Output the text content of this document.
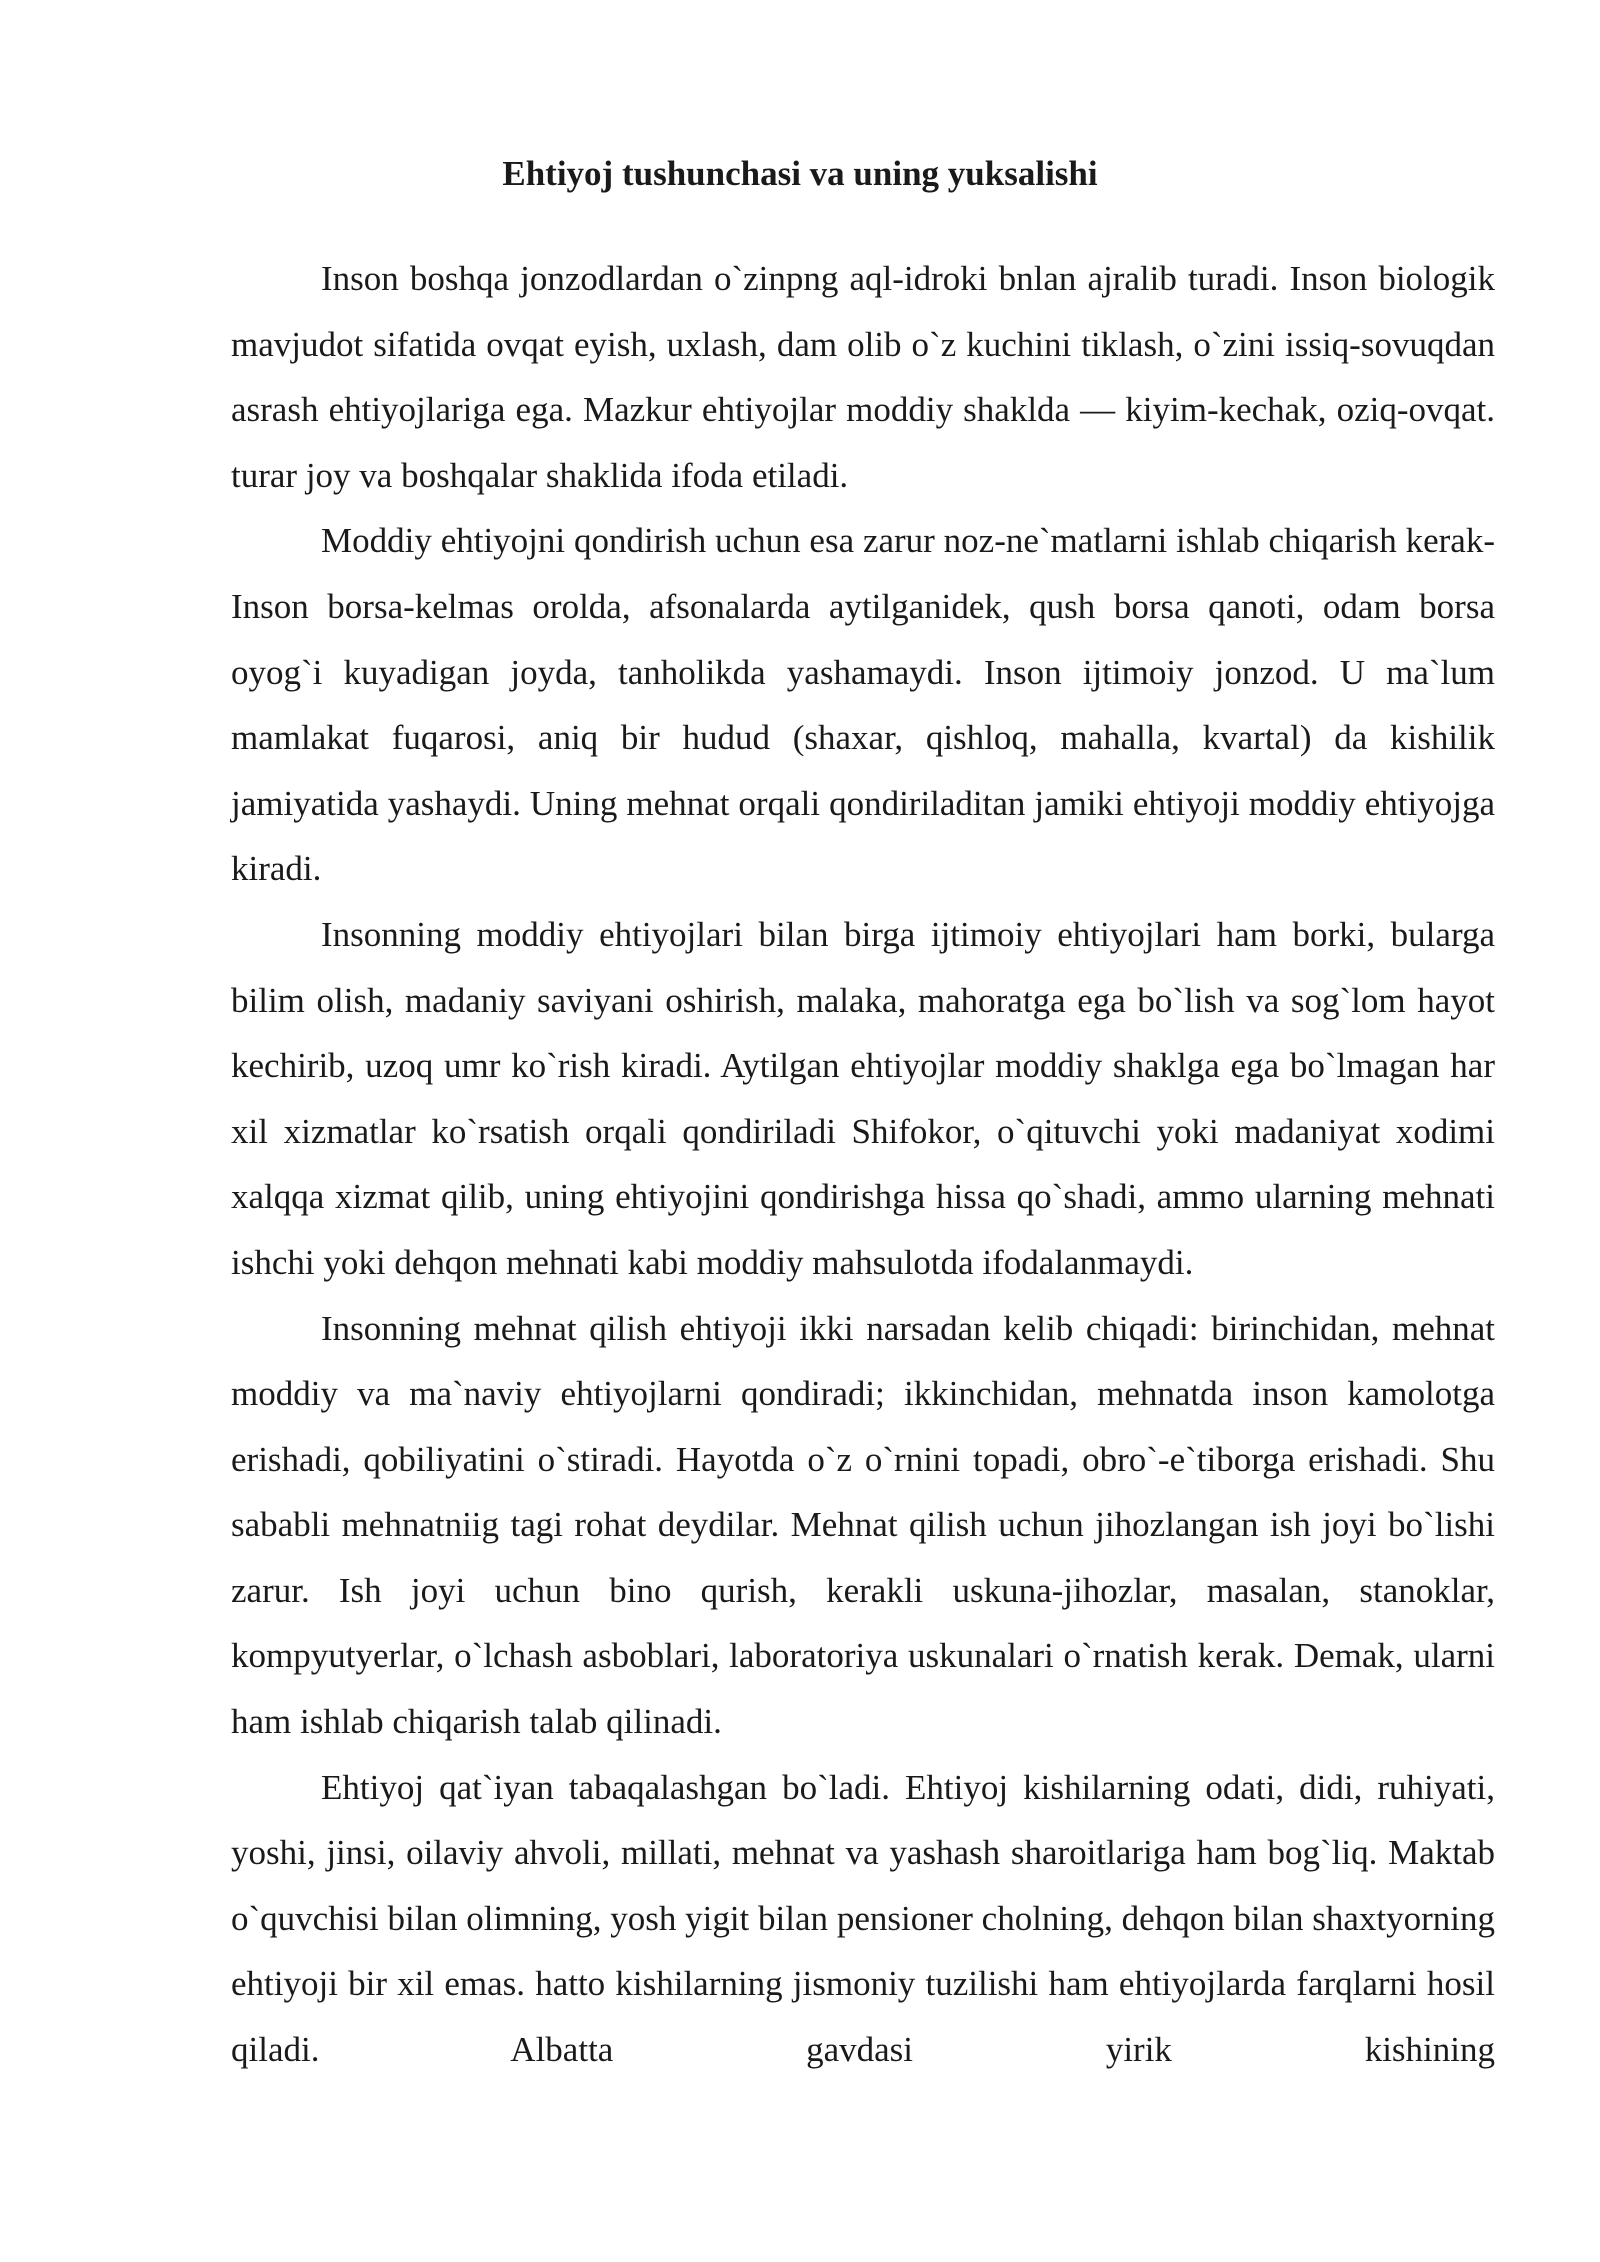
Ehtiyoj tushunchasi va uning yuksalishi

Inson boshqa jonzodlardan o`zinpng aql-idroki bnlan ajralib turadi. Inson biologik mavjudot sifatida ovqat eyish, uxlash, dam olib o`z kuchini tiklash, o`zini issiq-sovuqdan asrash ehtiyojlariga ega. Mazkur ehtiyojlar moddiy shaklda — kiyim-kechak, oziq-ovqat. turar joy va boshqalar shaklida ifoda etiladi.

Moddiy ehtiyojni qondirish uchun esa zarur noz-ne`matlarni ishlab chiqarish kerak- Inson borsa-kelmas orolda, afsonalarda aytilganidek, qush borsa qanoti, odam borsa oyog`i kuyadigan joyda, tanholikda yashamaydi. Inson ijtimoiy jonzod. U ma`lum mamlakat fuqarosi, aniq bir hudud (shaxar, qishloq, mahalla, kvartal) da kishilik jamiyatida yashaydi. Uning mehnat orqali qondiriladitan jamiki ehtiyoji moddiy ehtiyojga kiradi.

Insonning moddiy ehtiyojlari bilan birga ijtimoiy ehtiyojlari ham borki, bularga bilim olish, madaniy saviyani oshirish, malaka, mahoratga ega bo`lish va sog`lom hayot kechirib, uzoq umr ko`rish kiradi. Aytilgan ehtiyojlar moddiy shaklga ega bo`lmagan har xil xizmatlar ko`rsatish orqali qondiriladi Shifokor, o`qituvchi yoki madaniyat xodimi xalqqa xizmat qilib, uning ehtiyojini qondirishga hissa qo`shadi, ammo ularning mehnati ishchi yoki dehqon mehnati kabi moddiy mahsulotda ifodalanmaydi.

Insonning mehnat qilish ehtiyoji ikki narsadan kelib chiqadi: birinchidan, mehnat moddiy va ma`naviy ehtiyojlarni qondiradi; ikkinchidan, mehnatda inson kamolotga erishadi, qobiliyatini o`stiradi. Hayotda o`z o`rnini topadi, obro`-e`tiborga erishadi. Shu sababli mehnatniig tagi rohat deydilar. Mehnat qilish uchun jihozlangan ish joyi bo`lishi zarur. Ish joyi uchun bino qurish, kerakli uskuna-jihozlar, masalan, stanoklar, kompyutyerlar, o`lchash asboblari, laboratoriya uskunalari o`rnatish kerak. Demak, ularni ham ishlab chiqarish talab qilinadi.

Ehtiyoj qat`iyan tabaqalashgan bo`ladi. Ehtiyoj kishilarning odati, didi, ruhiyati, yoshi, jinsi, oilaviy ahvoli, millati, mehnat va yashash sharoitlariga ham bog`liq. Maktab o`quvchisi bilan olimning, yosh yigit bilan pensioner cholning, dehqon bilan shaxtyorning ehtiyoji bir xil emas. hatto kishilarning jismoniy tuzilishi ham ehtiyojlarda farqlarni hosil qiladi. Albatta gavdasi yirik kishining
